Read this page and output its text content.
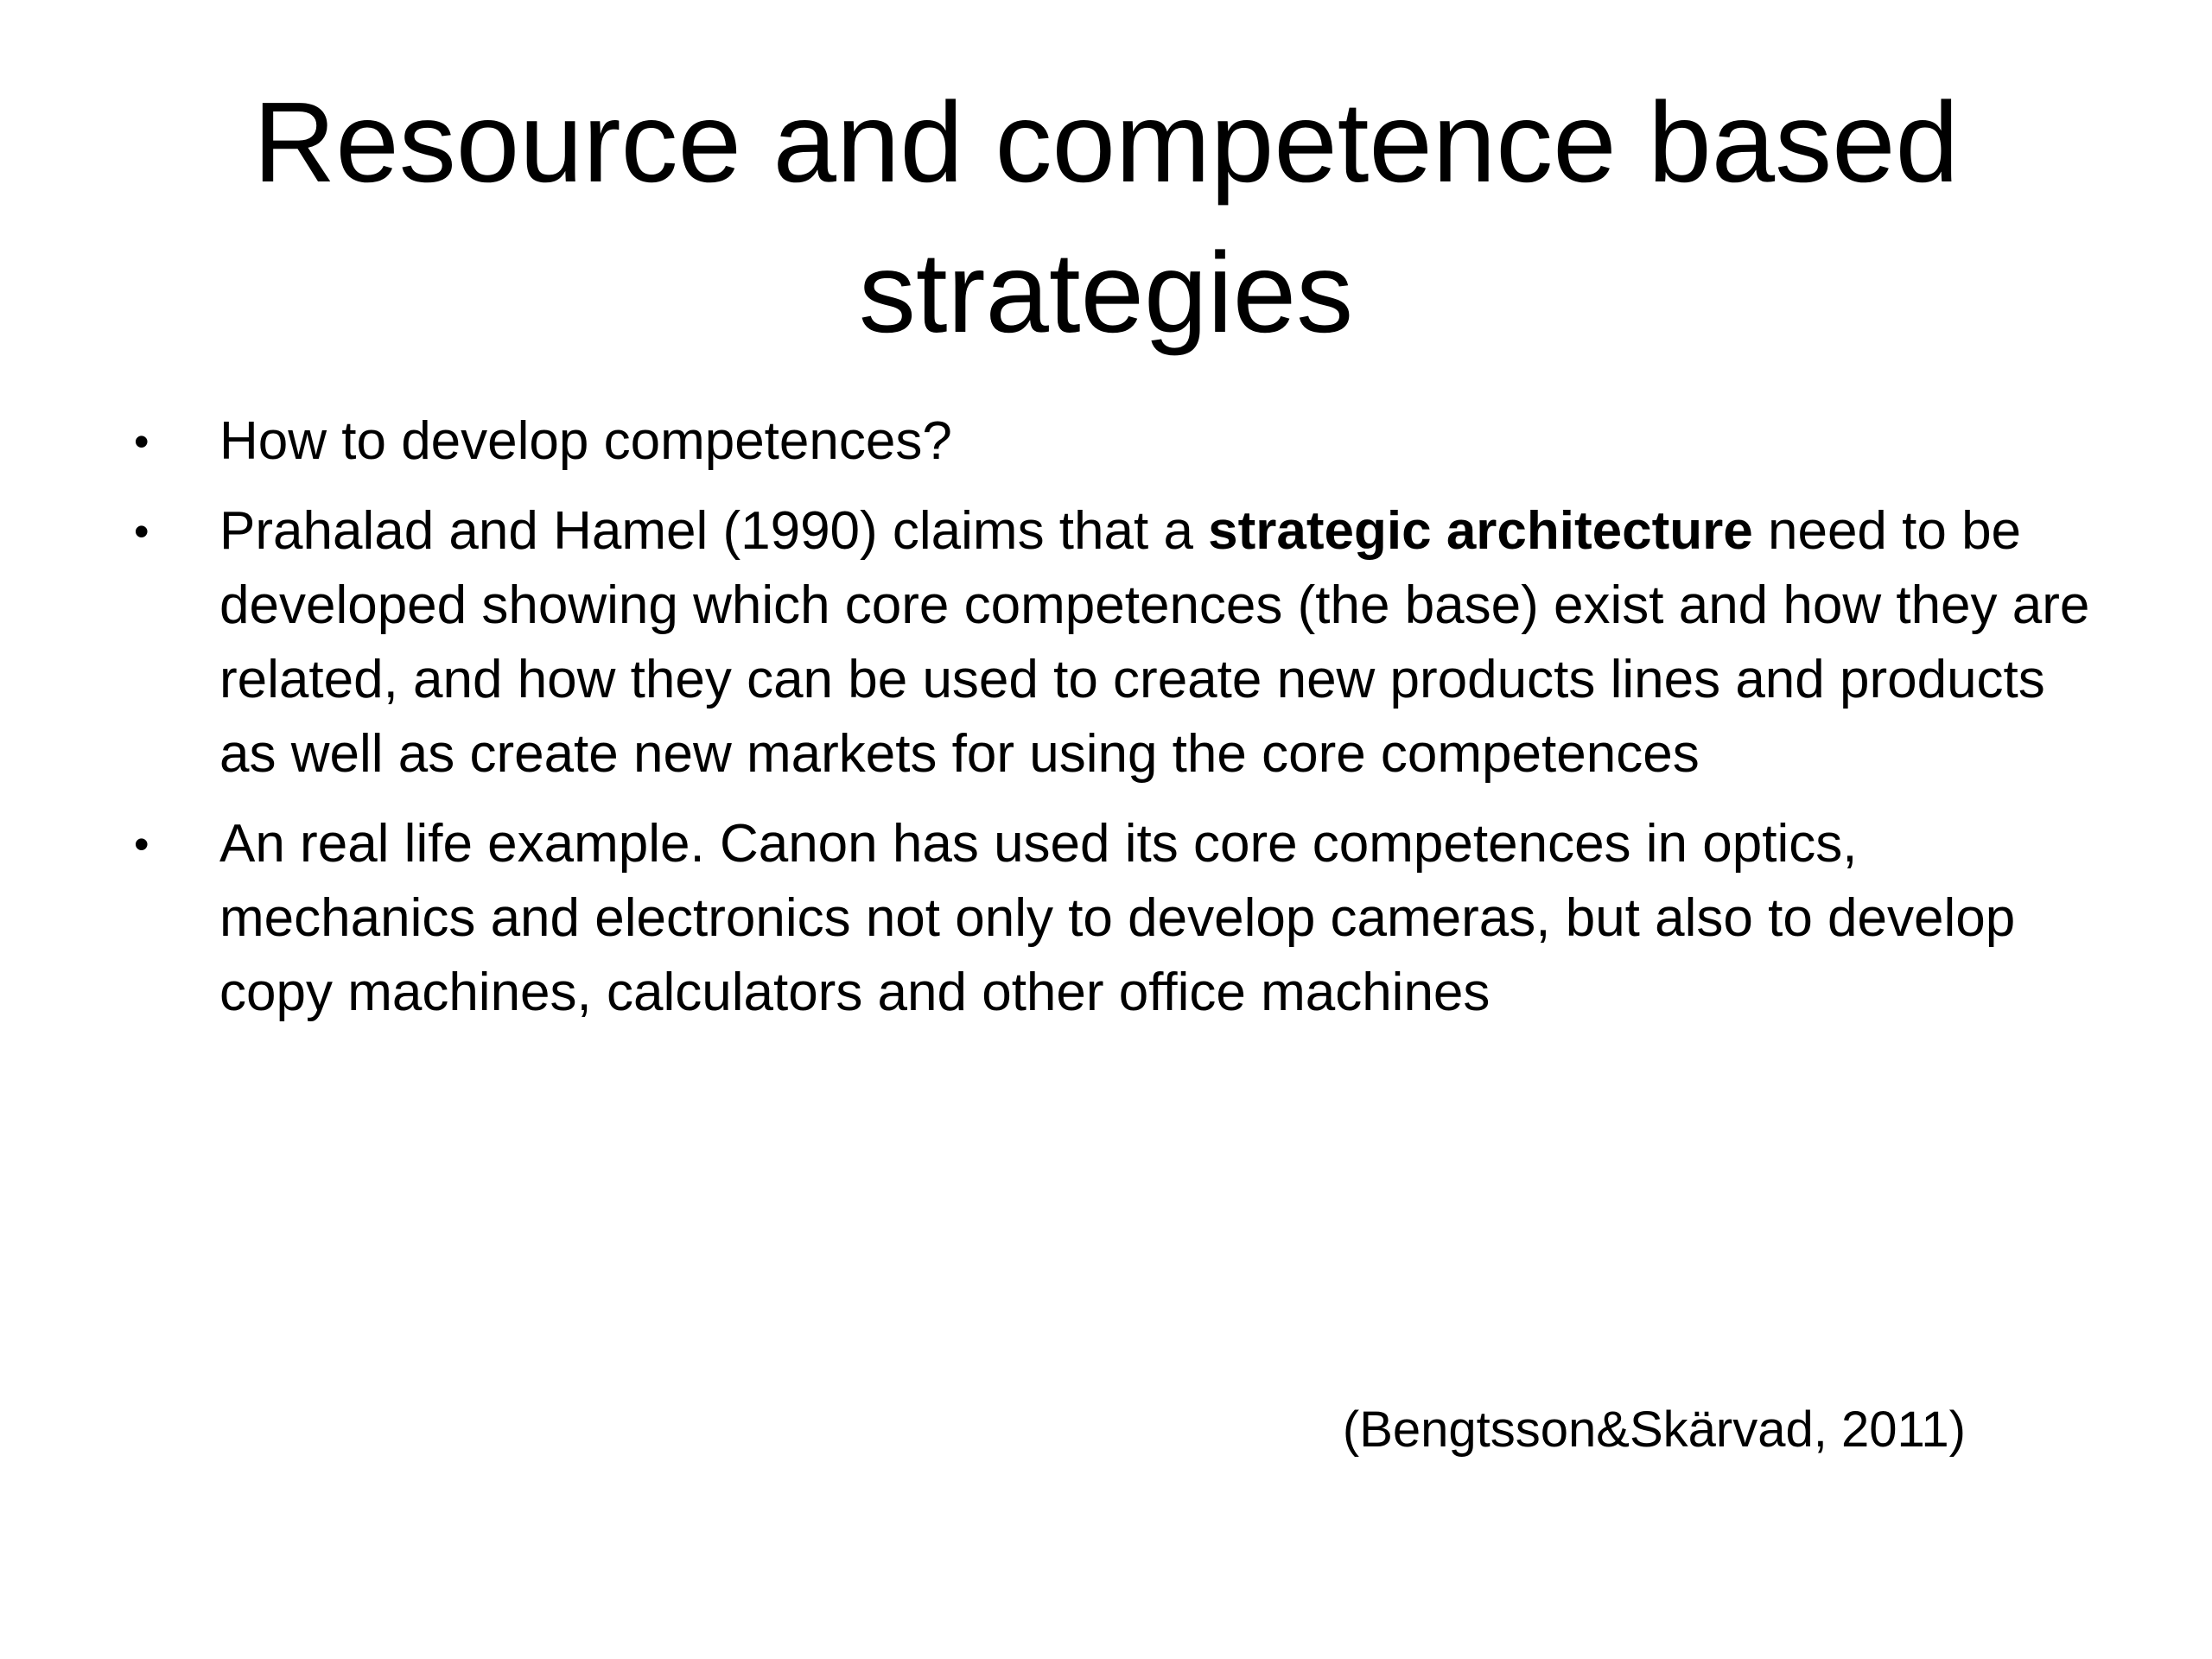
Resource and competence based strategies
•	How to develop competences?
•	Prahalad and Hamel (1990) claims that a strategic architecture need to be developed showing which core competences (the base) exist and how they are related, and how they can be used to create new products lines and products as well as create new markets for using the core competences
•	An real life example. Canon has used its core competences in optics, mechanics and electronics not only to develop cameras, but also to develop copy machines, calculators and other office machines
(Bengtsson&Skärvad, 2011)
